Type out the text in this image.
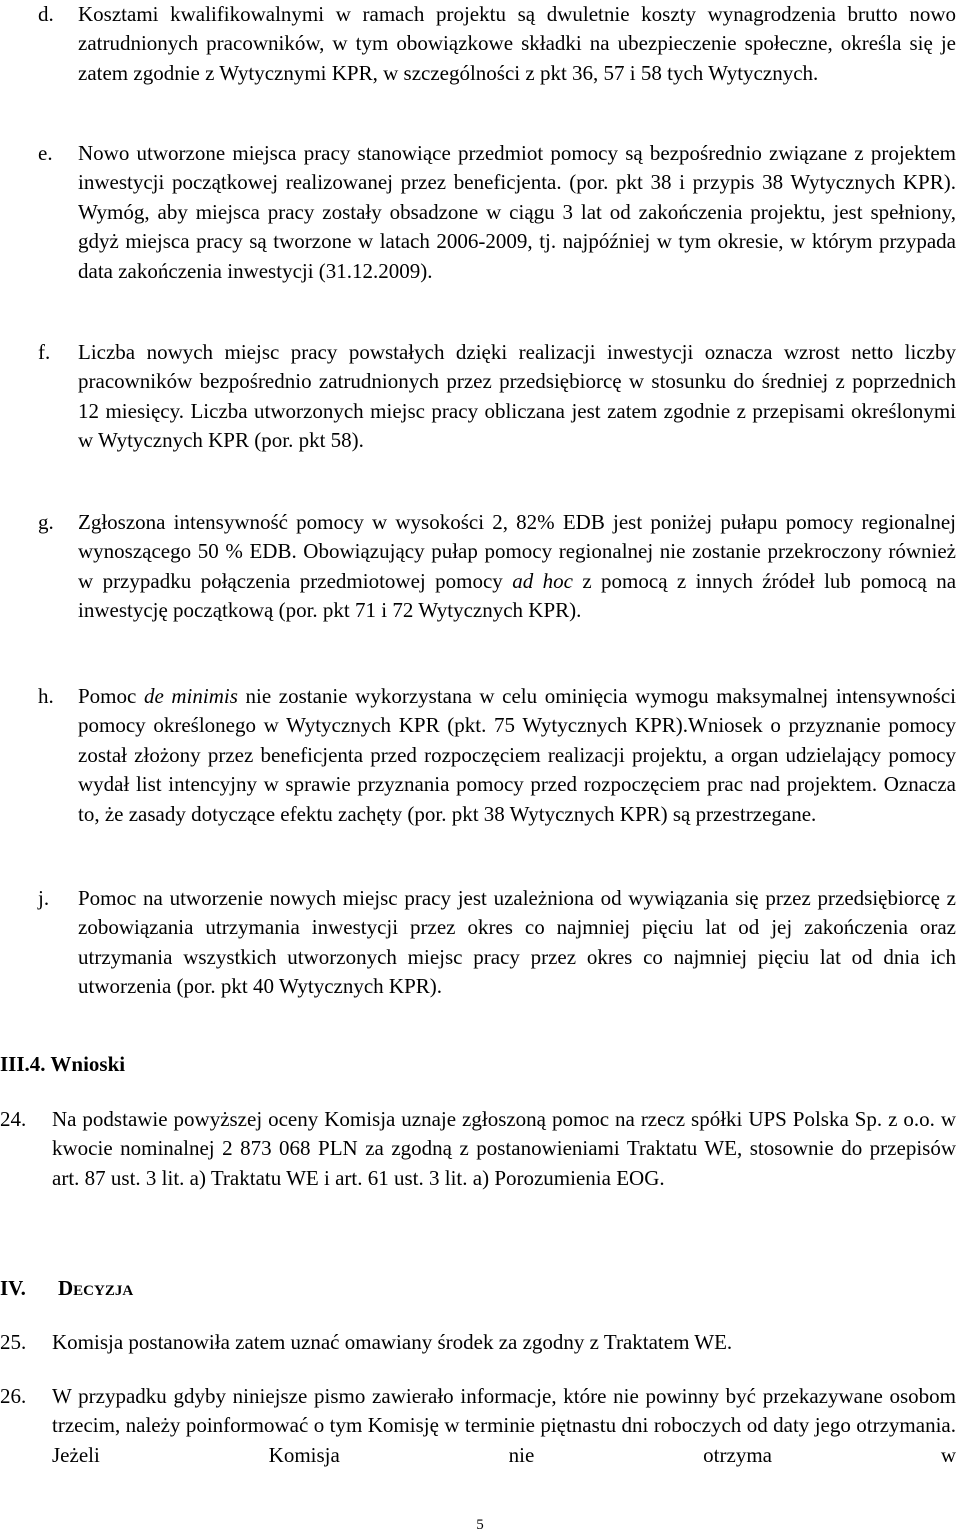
d. Kosztami kwalifikowalnymi w ramach projektu są dwuletnie koszty wynagrodzenia brutto nowo zatrudnionych pracowników, w tym obowiązkowe składki na ubezpieczenie społeczne, określa się je zatem zgodnie z Wytycznymi KPR, w szczególności z pkt 36, 57 i 58 tych Wytycznych.
e. Nowo utworzone miejsca pracy stanowiące przedmiot pomocy są bezpośrednio związane z projektem inwestycji początkowej realizowanej przez beneficjenta. (por. pkt 38 i przypis 38 Wytycznych KPR). Wymóg, aby miejsca pracy zostały obsadzone w ciągu 3 lat od zakończenia projektu, jest spełniony, gdyż miejsca pracy są tworzone w latach 2006-2009, tj. najpóźniej w tym okresie, w którym przypada data zakończenia inwestycji (31.12.2009).
f. Liczba nowych miejsc pracy powstałych dzięki realizacji inwestycji oznacza wzrost netto liczby pracowników bezpośrednio zatrudnionych przez przedsiębiorcę w stosunku do średniej z poprzednich 12 miesięcy. Liczba utworzonych miejsc pracy obliczana jest zatem zgodnie z przepisami określonymi w Wytycznych KPR (por. pkt 58).
g. Zgłoszona intensywność pomocy w wysokości 2, 82% EDB jest poniżej pułapu pomocy regionalnej wynoszącego 50 % EDB. Obowiązujący pułap pomocy regionalnej nie zostanie przekroczony również w przypadku połączenia przedmiotowej pomocy ad hoc z pomocą z innych źródeł lub pomocą na inwestycję początkową (por. pkt 71 i 72 Wytycznych KPR).
h. Pomoc de minimis nie zostanie wykorzystana w celu ominięcia wymogu maksymalnej intensywności pomocy określonego w Wytycznych KPR (pkt. 75 Wytycznych KPR).Wniosek o przyznanie pomocy został złożony przez beneficjenta przed rozpoczęciem realizacji projektu, a organ udzielający pomocy wydał list intencyjny w sprawie przyznania pomocy przed rozpoczęciem prac nad projektem. Oznacza to, że zasady dotyczące efektu zachęty (por. pkt 38 Wytycznych KPR) są przestrzegane.
j. Pomoc na utworzenie nowych miejsc pracy jest uzależniona od wywiązania się przez przedsiębiorcę z zobowiązania utrzymania inwestycji przez okres co najmniej pięciu lat od jej zakończenia oraz utrzymania wszystkich utworzonych miejsc pracy przez okres co najmniej pięciu lat od dnia ich utworzenia (por. pkt 40 Wytycznych KPR).
III.4. Wnioski
24. Na podstawie powyższej oceny Komisja uznaje zgłoszoną pomoc na rzecz spółki UPS Polska Sp. z o.o. w kwocie nominalnej 2 873 068 PLN za zgodną z postanowieniami Traktatu WE, stosownie do przepisów art. 87 ust. 3 lit. a) Traktatu WE i art. 61 ust. 3 lit. a) Porozumienia EOG.
IV. Decyzja
25. Komisja postanowiła zatem uznać omawiany środek za zgodny z Traktatem WE.
26. W przypadku gdyby niniejsze pismo zawierało informacje, które nie powinny być przekazywane osobom trzecim, należy poinformować o tym Komisję w terminie piętnastu dni roboczych od daty jego otrzymania. Jeżeli Komisja nie otrzyma w
5
